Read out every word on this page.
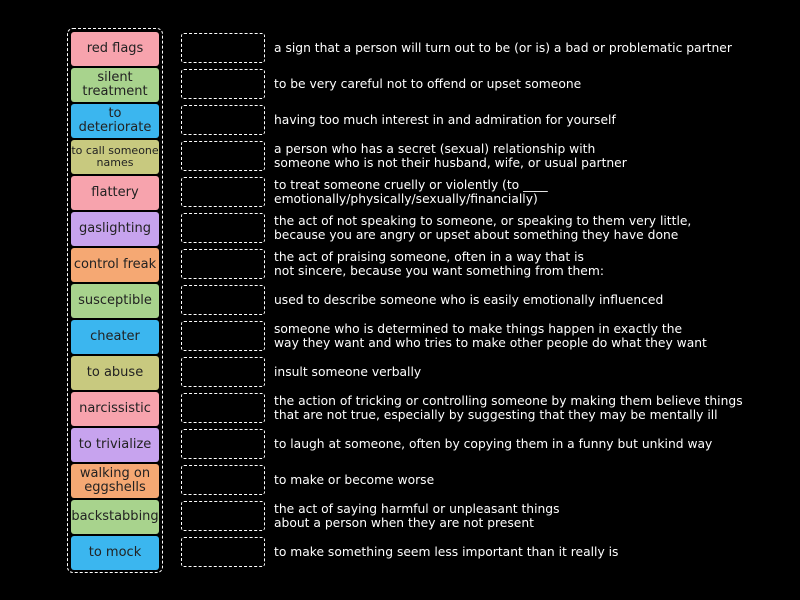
red flags
silent
treatment
to
deteriorate
to call someone
names
flattery
gaslighting
control freak
susceptible
cheater
to abuse
narcissistic
to trivialize
walking on
eggshells
backstabbing
to mock
a sign that a person will turn out to be (or is) a bad or problematic partner
to be very careful not to offend or upset someone
having too much interest in and admiration for yourself
a person who has a secret (sexual) relationship with
someone who is not their husband, wife, or usual partner
to treat someone cruelly or violently (to ____
emotionally/physically/sexually/financially)
the act of not speaking to someone, or speaking to them very little,
because you are angry or upset about something they have done
the act of praising someone, often in a way that is
not sincere, because you want something from them:
used to describe someone who is easily emotionally influenced
someone who is determined to make things happen in exactly the
way they want and who tries to make other people do what they want
insult someone verbally
the action of tricking or controlling someone by making them believe things
that are not true, especially by suggesting that they may be mentally ill
to laugh at someone, often by copying them in a funny but unkind way
to make or become worse
the act of saying harmful or unpleasant things
about a person when they are not present
to make something seem less important than it really is
